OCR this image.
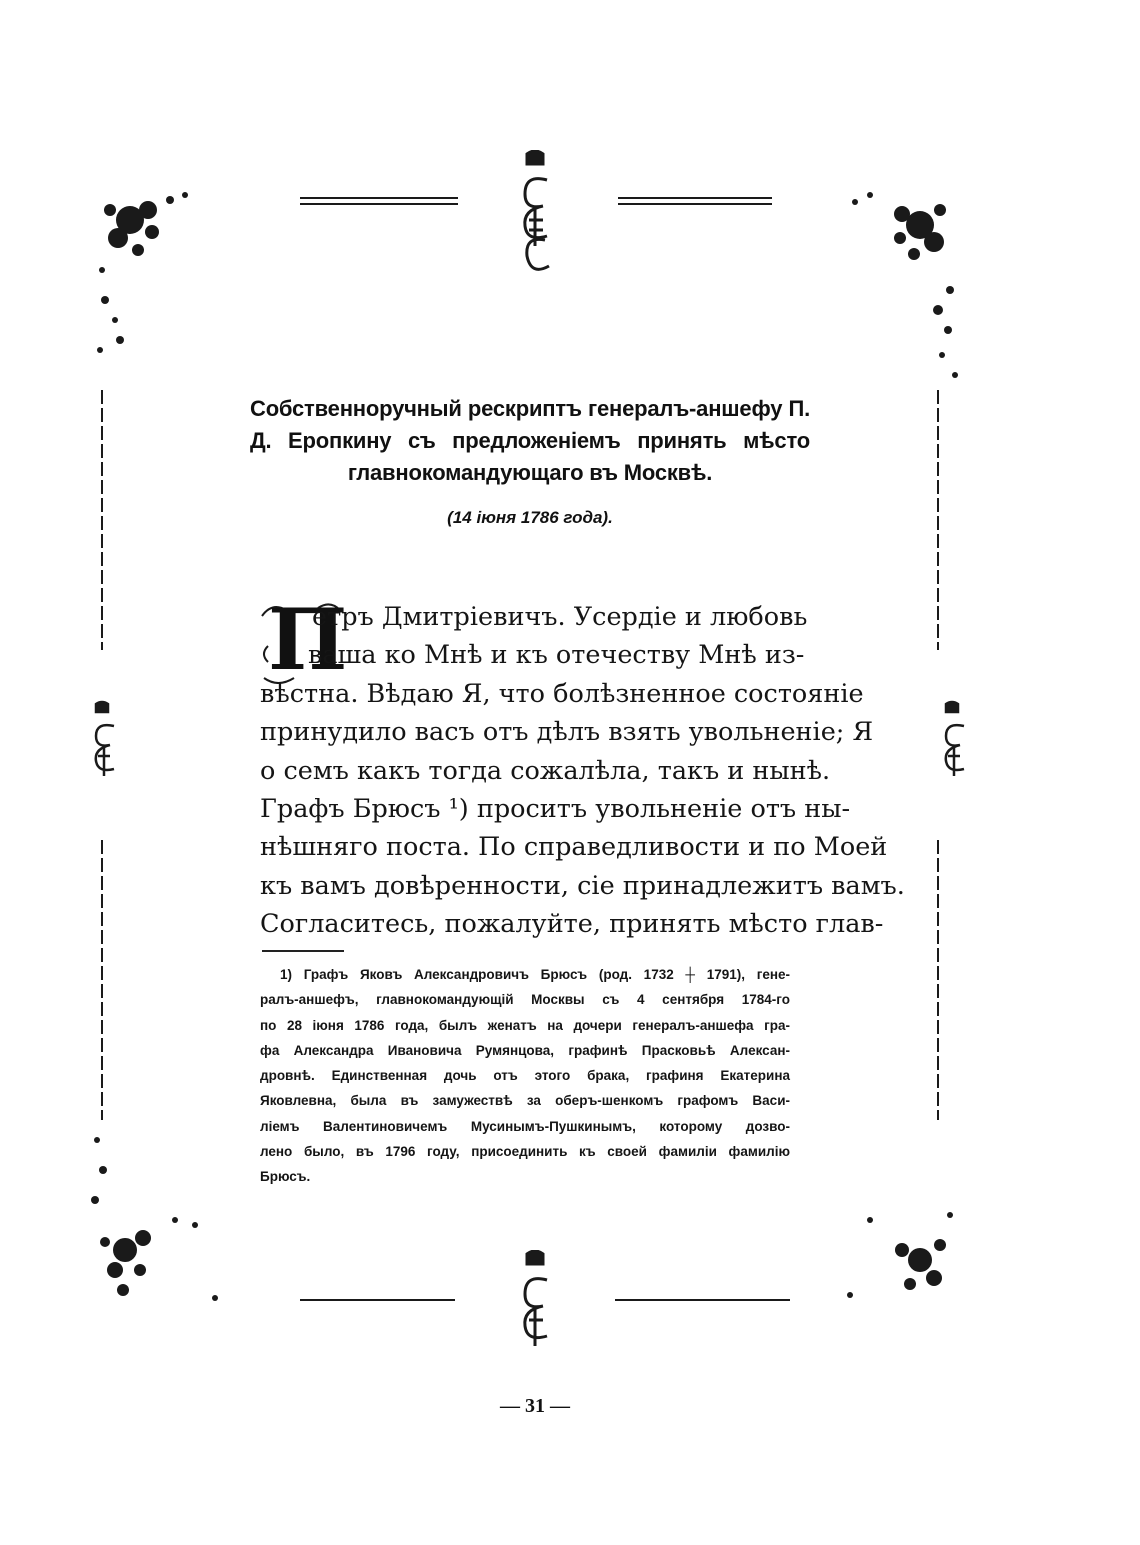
Собственноручный рескриптъ генералъ-аншефу П. Д. Еропкину съ предложеніемъ принять мѣсто главнокомандующаго въ Москвѣ.
(14 іюня 1786 года).
П
етръ Дмитріевичъ. Усердіе и любовь
ваша ко Мнѣ и къ отечеству Мнѣ из-
вѣстна. Вѣдаю Я, что болѣзненное состояніе
принудило васъ отъ дѣлъ взять увольненіе; Я
о семъ какъ тогда сожалѣла, такъ и нынѣ.
Графъ Брюсъ ¹) проситъ увольненіе отъ ны-
нѣшняго поста. По справедливости и по Моей
къ вамъ довѣренности, сіе принадлежитъ вамъ.
Согласитесь, пожалуйте, принять мѣсто глав-
1) Графъ Яковъ Александровичъ Брюсъ (род. 1732 ┼ 1791), гене-
ралъ-аншефъ, главнокомандующій Москвы съ 4 сентября 1784-го
по 28 іюня 1786 года, былъ женатъ на дочери генералъ-аншефа гра-
фа Александра Ивановича Румянцова, графинѣ Прасковьѣ Алексан-
дровнѣ. Единственная дочь отъ этого брака, графиня Екатерина
Яковлевна, была въ замужествѣ за оберъ-шенкомъ графомъ Васи-
ліемъ Валентиновичемъ Мусинымъ-Пушкинымъ, которому дозво-
лено было, въ 1796 году, присоединить къ своей фамиліи фамилію
Брюсъ.
— 31 —
